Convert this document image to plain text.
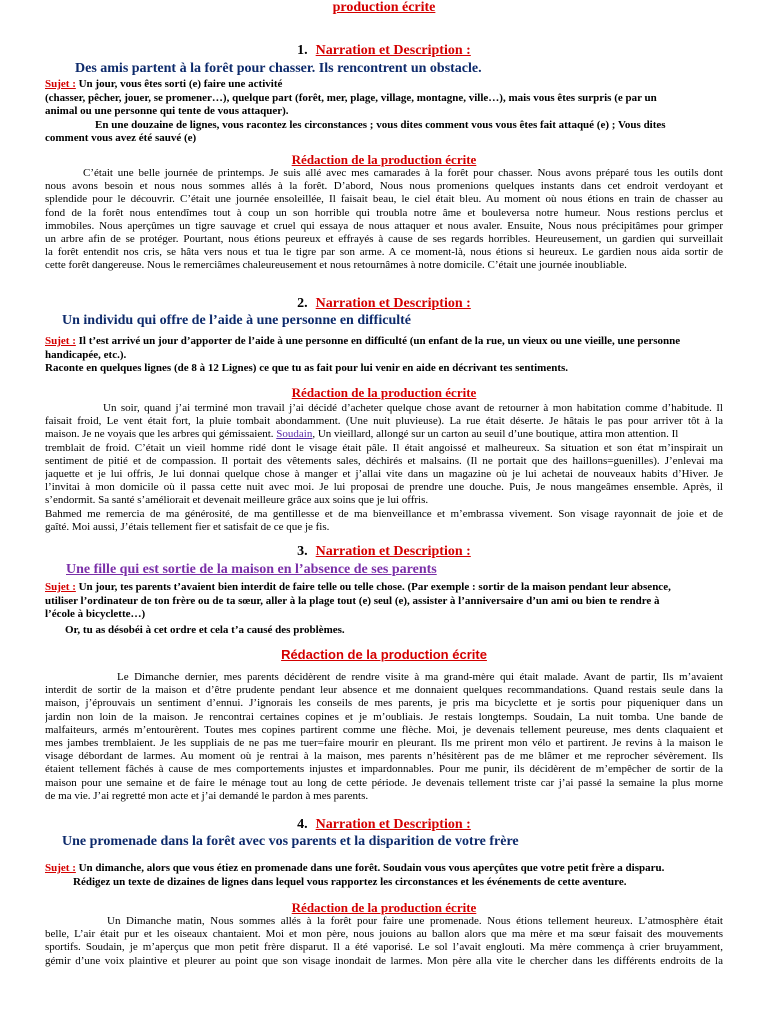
production écrite
1. Narration et Description :
Des amis partent à la forêt pour chasser. Ils rencontrent un obstacle.
Sujet : Un jour, vous êtes sorti (e) faire une activité
(chasser, pêcher, jouer, se promener…), quelque part (forêt, mer, plage, village, montagne, ville…), mais vous êtes surpris (e par un
animal ou une personne qui tente de vous attaquer).
En une douzaine de lignes, vous racontez les circonstances ; vous dites comment vous vous êtes fait attaqué (e) ; Vous dites
comment vous avez été sauvé (e)
Rédaction de la production écrite
C’était une belle journée de printemps. Je suis allé avec mes camarades à la forêt pour chasser. Nous avons préparé tous les outils dont
nous avons besoin et nous nous sommes allés à la forêt. D’abord, Nous nous promenions quelques instants dans cet endroit verdoyant et
splendide pour le découvrir. C’était une journée ensoleillée, Il faisait beau, le ciel était bleu. Au moment où nous étions en train de chasser au
fond de la forêt nous entendîmes tout à coup un son horrible qui troubla notre âme et bouleversa notre humeur. Nous restions perclus et
immobiles. Nous aperçûmes un tigre sauvage et cruel qui essaya de nous attaquer et nous avaler. Ensuite, Nous nous précipitâmes pour grimper
un arbre afin de se protéger. Pourtant, nous étions peureux et effrayés à cause de ses regards horribles. Heureusement, un gardien qui surveillait
la forêt entendit nos cris, se hâta vers nous et tua le tigre par son arme. A ce moment-là, nous étions si heureux. Le gardien nous aida sortir de
cette forêt dangereuse. Nous le remerciâmes chaleureusement et nous retournâmes à notre domicile. C’était une journée inoubliable.
2. Narration et Description :
Un individu qui offre de l’aide à une personne en difficulté
Sujet : Il t’est arrivé un jour d’apporter de l’aide à une personne en difficulté (un enfant de la rue, un vieux ou une vieille, une personne
handicapée, etc.).
Raconte en quelques lignes (de 8 à 12 Lignes) ce que tu as fait pour lui venir en aide en décrivant tes sentiments.
Rédaction de la production écrite
Un soir, quand j’ai terminé mon travail j’ai décidé d’acheter quelque chose avant de retourner à mon habitation comme d’habitude. Il
faisait froid, Le vent était fort, la pluie tombait abondamment. (Une nuit pluvieuse). La rue était déserte. Je hâtais le pas pour arriver tôt à la
maison. Je ne voyais que les arbres qui gémissaient. Soudain, Un vieillard, allongé sur un carton au seuil d’une boutique, attira mon attention. Il
tremblait de froid. C’était un vieil homme ridé dont le visage était pâle. Il était angoissé et malheureux. Sa situation et son état m’inspirait un
sentiment de pitié et de compassion. Il portait des vêtements sales, déchirés et malsains. (Il ne portait que des haillons=guenilles). J’enlevai ma
jaquette et je lui offris, Je lui donnai quelque chose à manger et j’allai vite dans un magazine où je lui achetai de nouveaux habits d’Hiver. Je
l’invitai à mon domicile où il passa cette nuit avec moi. Je lui proposai de prendre une douche. Puis, Je nous mangeâmes ensemble. Après, il
s’endormit. Sa santé s’améliorait et devenait meilleure grâce aux soins que je lui offris.
Bahmed me remercia de ma générosité, de ma gentillesse et de ma bienveillance et m’embrassa vivement. Son visage rayonnait de joie et de
gaîté. Moi aussi, J’étais tellement fier et satisfait de ce que je fis.
3. Narration et Description :
Une fille qui est sortie de la maison en l’absence de ses parents
Sujet : Un jour, tes parents t’avaient bien interdit de faire telle ou telle chose. (Par exemple : sortir de la maison pendant leur absence,
utiliser l’ordinateur de ton frère ou de ta sœur, aller à la plage tout (e) seul (e), assister à l’anniversaire d’un ami ou bien te rendre à
l’école à bicyclette…)
Or, tu as désobéi à cet ordre et cela t’a causé des problèmes.
Rédaction de la production écrite
Le Dimanche dernier, mes parents décidèrent de rendre visite à ma grand-mère qui était malade. Avant de partir, Ils m’avaient
interdit de sortir de la maison et d’être prudente pendant leur absence et me donnaient quelques recommandations. Quand restais seule dans la
maison, j’éprouvais un sentiment d’ennui. J’ignorais les conseils de mes parents, je pris ma bicyclette et je sortis pour piqueniquer dans un
jardin non loin de la maison. Je rencontrai certaines copines et je m’oubliais. Je restais longtemps. Soudain, La nuit tomba. Une bande de
malfaiteurs, armés m’entourèrent. Toutes mes copines partirent comme une flèche. Moi, je devenais tellement peureuse, mes dents claquaient et
mes jambes tremblaient. Je les suppliais de ne pas me tuer=faire mourir en pleurant. Ils me prirent mon vélo et partirent. Je revins à la maison le
visage débordant de larmes. Au moment où je rentrai à la maison, mes parents n’hésitèrent pas de me blâmer et me reprocher sévèrement. Ils
étaient tellement fâchés à cause de mes comportements injustes et impardonnables. Pour me punir, ils décidèrent de m’empêcher de sortir de la
maison pour une semaine et de faire le ménage tout au long de cette période. Je devenais tellement triste car j’ai passé la semaine la plus morne
de ma vie. J’ai regretté mon acte et j’ai demandé le pardon à mes parents.
4. Narration et Description :
Une promenade dans la forêt avec vos parents et la disparition de votre frère
Sujet : Un dimanche, alors que vous étiez en promenade dans une forêt. Soudain vous vous aperçûtes que votre petit frère a disparu.
Rédigez un texte de dizaines de lignes dans lequel vous rapportez les circonstances et les événements de cette aventure.
Rédaction de la production écrite
Un Dimanche matin, Nous sommes allés à la forêt pour faire une promenade. Nous étions tellement heureux. L’atmosphère était
belle, L’air était pur et les oiseaux chantaient. Moi et mon père, nous jouions au ballon alors que ma mère et ma sœur faisait des mouvements
sportifs. Soudain, je m’aperçus que mon petit frère disparut. Il a été vaporisé. Le sol l’avait englouti. Ma mère commença à crier bruyamment,
gémir d’une voix plaintive et pleurer au point que son visage inondait de larmes. Mon père alla vite le chercher dans les différents endroits de la
